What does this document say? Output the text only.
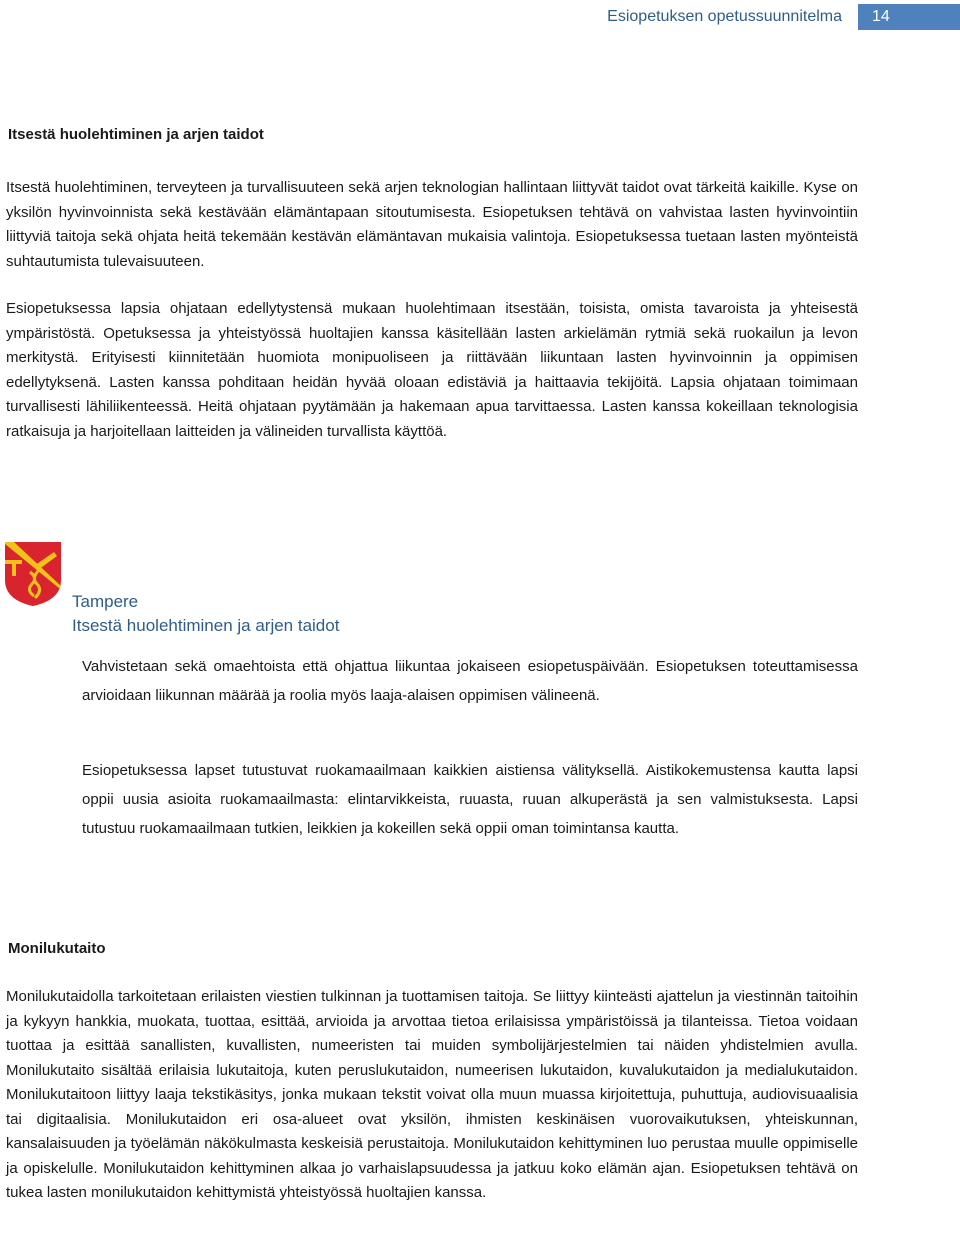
Esiopetuksen opetussuunnitelma	14
Itsestä huolehtiminen ja arjen taidot

Itsestä huolehtiminen, terveyteen ja turvallisuuteen sekä arjen teknologian hallintaan liittyvät taidot ovat tärkeitä kaikille. Kyse on yksilön hyvinvoinnista sekä kestävään elämäntapaan sitoutumisesta. Esiopetuksen tehtävä on vahvistaa lasten hyvinvointiin liittyviä taitoja sekä ohjata heitä tekemään kestävän elämäntavan mukaisia valintoja. Esiopetuksessa tuetaan lasten myönteistä suhtautumista tulevaisuuteen.

Esiopetuksessa lapsia ohjataan edellytystensä mukaan huolehtimaan itsestään, toisista, omista tavaroista ja yhteisestä ympäristöstä. Opetuksessa ja yhteistyössä huoltajien kanssa käsitellään lasten arkielämän rytmiä sekä ruokailun ja levon merkitystä. Erityisesti kiinnitetään huomiota monipuoliseen ja riittävään liikuntaan lasten hyvinvoinnin ja oppimisen edellytyksenä. Lasten kanssa pohditaan heidän hyvää oloaan edistäviä ja haittaavia tekijöitä. Lapsia ohjataan toimimaan turvallisesti lähiliikenteessä. Heitä ohjataan pyytämään ja hakemaan apua tarvittaessa. Lasten kanssa kokeillaan teknologisia ratkaisuja ja harjoitellaan laitteiden ja välineiden turvallista käyttöä.

Tampere
Itsestä huolehtiminen ja arjen taidot

Vahvistetaan sekä omaehtoista että ohjattua liikuntaa jokaiseen esiopetuspäivään. Esiopetuksen toteuttamisessa arvioidaan liikunnan määrää ja roolia myös laaja-alaisen oppimisen välineenä.

Esiopetuksessa lapset tutustuvat ruokamaailmaan kaikkien aistiensa välityksellä. Aistikokemustensa kautta lapsi oppii uusia asioita ruokamaailmasta: elintarvikkeista, ruuasta, ruuan alkuperästä ja sen valmistuksesta. Lapsi tutustuu ruokamaailmaan tutkien, leikkien ja kokeillen sekä oppii oman toimintansa kautta.

Monilukutaito

Monilukutaidolla tarkoitetaan erilaisten viestien tulkinnan ja tuottamisen taitoja. Se liittyy kiinteästi ajattelun ja viestinnän taitoihin ja kykyyn hankkia, muokata, tuottaa, esittää, arvioida ja arvottaa tietoa erilaisissa ympäristöissä ja tilanteissa. Tietoa voidaan tuottaa ja esittää sanallisten, kuvallisten, numeeristen tai muiden symbolijärjestelmien tai näiden yhdistelmien avulla. Monilukutaito sisältää erilaisia lukutaitoja, kuten peruslukutaidon, numeerisen lukutaidon, kuvalukutaidon ja medialukutaidon. Monilukutaitoon liittyy laaja tekstikäsitys, jonka mukaan tekstit voivat olla muun muassa kirjoitettuja, puhuttuja, audiovisuaalisia tai digitaalisia. Monilukutaidon eri osa-alueet ovat yksilön, ihmisten keskinäisen vuorovaikutuksen, yhteiskunnan, kansalaisuuden ja työelämän näkökulmasta keskeisiä perustaitoja. Monilukutaidon kehittyminen luo perustaa muulle oppimiselle ja opiskelulle. Monilukutaidon kehittyminen alkaa jo varhaislapsuudessa ja jatkuu koko elämän ajan. Esiopetuksen tehtävä on tukea lasten monilukutaidon kehittymistä yhteistyössä huoltajien kanssa.
